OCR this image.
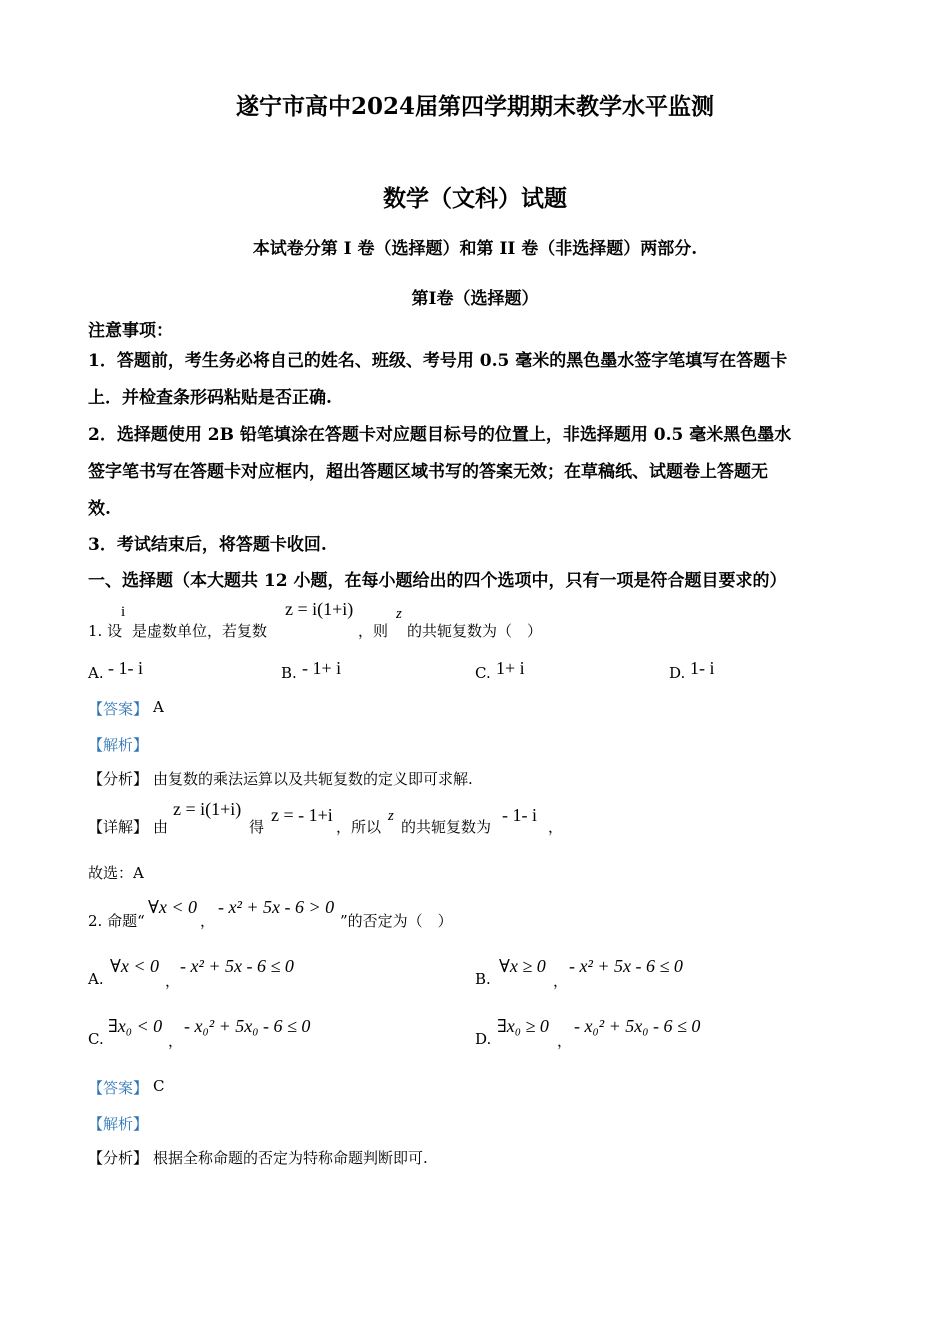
遂宁市高中2024届第四学期期末教学水平监测
数学（文科）试题
本试卷分第 I 卷（选择题）和第 II 卷（非选择题）两部分.
第Ⅰ卷（选择题）
注意事项：
1．答题前，考生务必将自己的姓名、班级、考号用 0.5 毫米的黑色墨水签字笔填写在答题卡
上．并检查条形码粘贴是否正确.
2．选择题使用 2B 铅笔填涂在答题卡对应题目标号的位置上，非选择题用 0.5 毫米黑色墨水
签字笔书写在答题卡对应框内，超出答题区域书写的答案无效；在草稿纸、试题卷上答题无
效.
3．考试结束后，将答题卡收回.
一、选择题（本大题共 12 小题，在每小题给出的四个选项中，只有一项是符合题目要求的）
1. 设
i
是虚数单位，若复数
z = i(1+i)
，则
z
的共轭复数为（　）
A. - 1- i	B. - 1+ i	C. 1+ i	D. 1- i
【答案】 A
【解析】
【分析】 由复数的乘法运算以及共轭复数的定义即可求解.
【详解】 由
z = i(1+i)
得
z = - 1+i
，所以
z
的共轭复数为
- 1- i
，
故选：A
2. 命题“
∀x < 0
，
- x² + 5x - 6 > 0
”的否定为（　）
A.
∀x < 0
，
- x² + 5x - 6 ≤ 0
B.
∀x ≥ 0
，
- x² + 5x - 6 ≤ 0
C.
∃x₀ < 0
，
- x₀² + 5x₀ - 6 ≤ 0
D.
∃x₀ ≥ 0
，
- x₀² + 5x₀ - 6 ≤ 0
【答案】 C
【解析】
【分析】 根据全称命题的否定为特称命题判断即可.
